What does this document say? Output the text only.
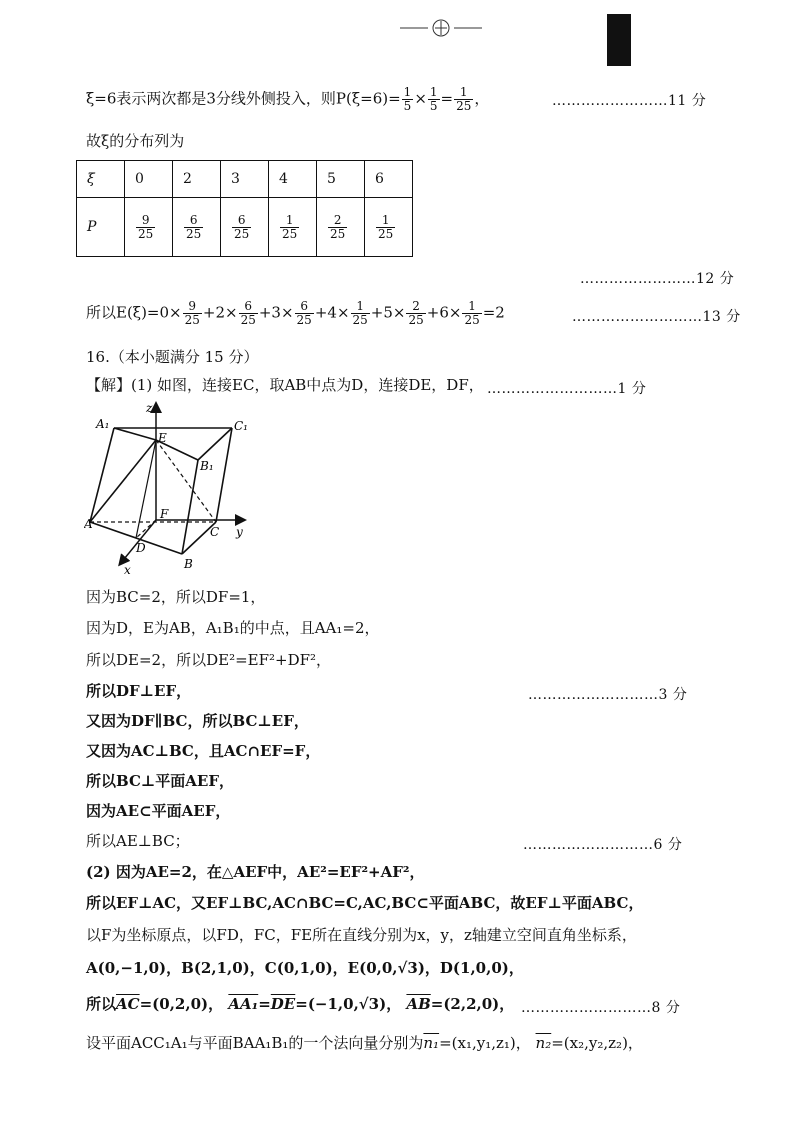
ξ=6表示两次都是3分线外侧投入，则$P(\xi=6)= \frac{1}{5} \times \frac{1}{5} = \frac{1}{25}$ ，	……………………11 分
故ξ的分布列为
ξ	0	2	3	4	5	6
P	$\frac{9}{25}$	$\frac{6}{25}$	$\frac{6}{25}$	$\frac{1}{25}$	$\frac{2}{25}$	$\frac{1}{25}$
……………………12 分
所以$E(\xi)=0\times \frac{9}{25} +2\times \frac{6}{25} +3\times \frac{6}{25} +4\times \frac{1}{25} +5\times \frac{2}{25} +6\times \frac{1}{25} =2$	………………………13 分
16.（本小题满分 15 分）
【解】(1) 如图，连接EC，取AB中点为D，连接DE，DF， ………………………1 分
z
A₁	C₁
E
B₁
A
F
C y
D
B
x
因为BC=2，所以DF=1，
因为D，E为AB，A₁B₁的中点，且AA₁=2，
所以DE=2，所以DE²=EF²+DF²，
所以DF⊥EF，	………………………3 分
又因为DF∥BC，所以BC⊥EF，
又因为AC⊥BC，且AC∩EF=F，
所以BC⊥平面AEF，
因为AE⊂平面AEF，
所以AE⊥BC；	………………………6 分
(2) 因为AE=2，在△AEF中，AE²=EF²+AF²，
所以EF⊥AC，又EF⊥BC,AC∩BC=C,AC,BC⊂平面ABC，故EF⊥平面ABC，
以F为坐标原点，以FD，FC，FE所在直线分别为x，y，z轴建立空间直角坐标系，
A(0,−1,0)，B(2,1,0)，C(0,1,0)，E(0,0,√3)，D(1,0,0)，
所以$\overline{AC}=(0,2,0)$， $AA_1=\overline{DE}=(-1,0,√3)$， $\overline{AB}=(2,2,0)$， ………………………8 分
设平面ACC₁A₁与平面BAA₁B₁的一个法向量分别为n₁=(x₁,y₁,z₁)， n₂=(x₂,y₂,z₂)，
